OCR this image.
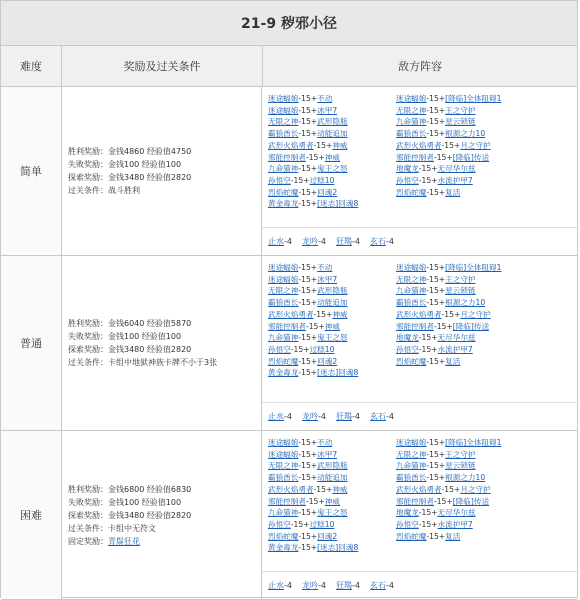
21-9 秽邪小径
难度	奖励及过关条件	敌方阵容
简单
胜利奖励：金钱4860 经验值4750
失败奖励：金钱100 经验值100
探索奖励：金钱3480 经验值2820
过关条件：战斗胜利
迷途蝠娘-15+不动
迷途蝠娘-15+冰甲7
无限之神-15+武形隐瓶
霸狼酋长-15+动能追加
武形火焰勇者-15+神威
邪能控制者-15+神威
九命猫神-15+鬼王之怒
孙悟空-15+过糕10
烈焰蛇魔-15+回魂2
黄金毒龙-15+[迷志]回魂8
迷途蝠娘-15+[降临]全体阻碍1
无限之神-15+王之守护
九命猫神-15+星云锁链
霸狼酋长-15+根源之力10
武形火焰勇者-15+月之守护
邪能控制者-15+[降临]传送
地魔龙-15+无尽华尔兹
孙悟空-15+水流护甲7
烈焰蛇魔-15+复活
止水-4 龙吟-4 狂羯-4 玄石-4
普通
胜利奖励：金钱6040 经验值5870
失败奖励：金钱100 经验值100
探索奖励：金钱3480 经验值2820
过关条件：卡组中地狱神族卡牌不小于3张
迷途蝠娘-15+不动
迷途蝠娘-15+冰甲7
无限之神-15+武形隐瓶
霸狼酋长-15+动能追加
武形火焰勇者-15+神威
邪能控制者-15+神威
九命猫神-15+鬼王之怒
孙悟空-15+过糕10
烈焰蛇魔-15+回魂2
黄金毒龙-15+[迷志]回魂8
迷途蝠娘-15+[降临]全体阻碍1
无限之神-15+王之守护
九命猫神-15+星云锁链
霸狼酋长-15+根源之力10
武形火焰勇者-15+月之守护
邪能控制者-15+[降临]传送
地魔龙-15+无尽华尔兹
孙悟空-15+水流护甲7
烈焰蛇魔-15+复活
止水-4 龙吟-4 狂羯-4 玄石-4
困难
胜利奖励：金钱6800 经验值6830
失败奖励：金钱100 经验值100
探索奖励：金钱3480 经验值2820
过关条件：卡组中无符文
固定奖励：青鬃狂花
迷途蝠娘-15+不动
迷途蝠娘-15+冰甲7
无限之神-15+武形隐瓶
霸狼酋长-15+动能追加
武形火焰勇者-15+神威
邪能控制者-15+神威
九命猫神-15+鬼王之怒
孙悟空-15+过糕10
烈焰蛇魔-15+回魂2
黄金毒龙-15+[迷志]回魂8
迷途蝠娘-15+[降临]全体阻碍1
无限之神-15+王之守护
九命猫神-15+星云锁链
霸狼酋长-15+根源之力10
武形火焰勇者-15+月之守护
邪能控制者-15+[降临]传送
地魔龙-15+无尽华尔兹
孙悟空-15+水流护甲7
烈焰蛇魔-15+复活
止水-4 龙吟-4 狂羯-4 玄石-4
